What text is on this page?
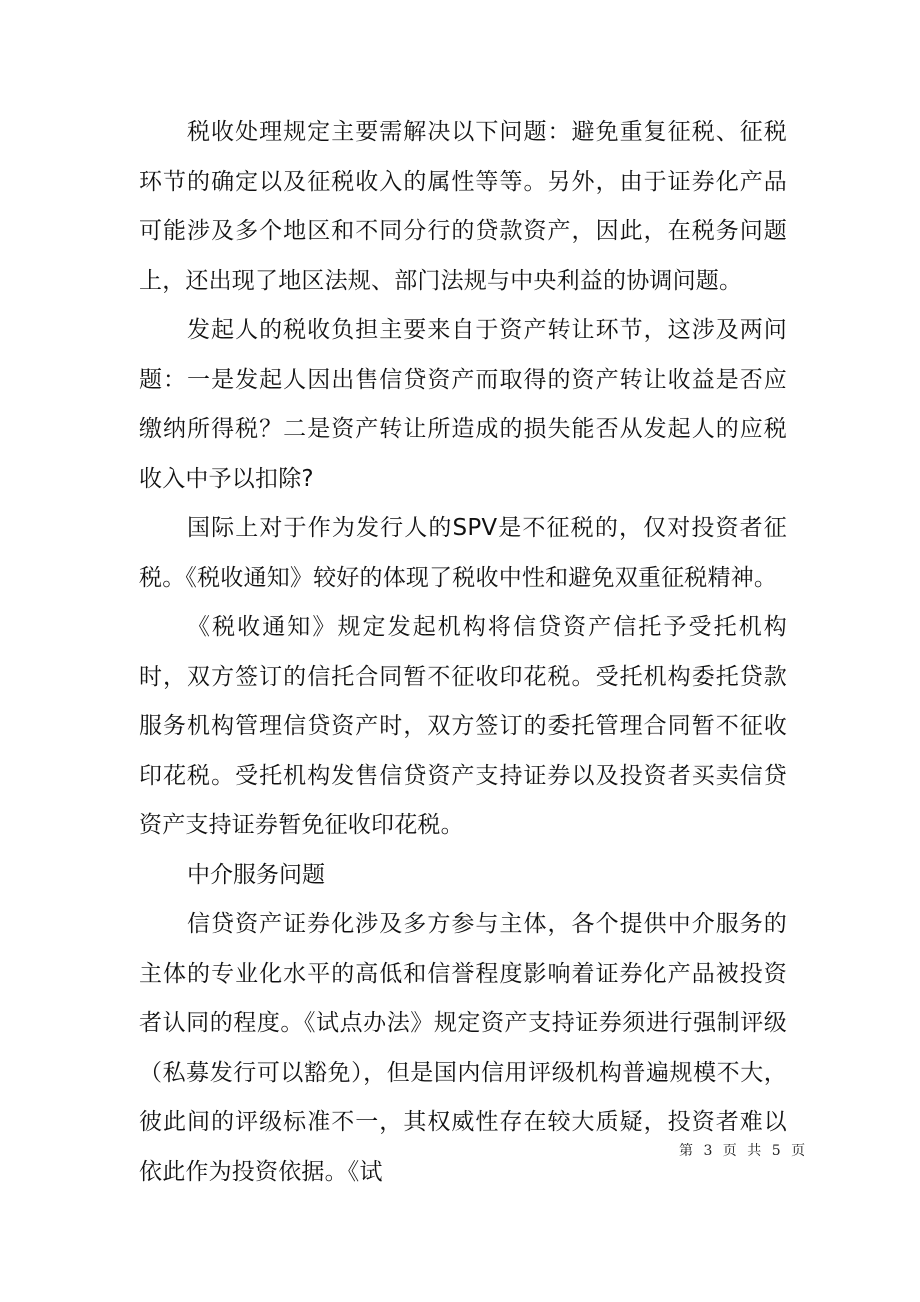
税收处理规定主要需解决以下问题：避免重复征税、征税环节的确定以及征税收入的属性等等。另外，由于证券化产品可能涉及多个地区和不同分行的贷款资产，因此，在税务问题上，还出现了地区法规、部门法规与中央利益的协调问题。

发起人的税收负担主要来自于资产转让环节，这涉及两问题：一是发起人因出售信贷资产而取得的资产转让收益是否应缴纳所得税？二是资产转让所造成的损失能否从发起人的应税收入中予以扣除?

国际上对于作为发行人的SPV是不征税的，仅对投资者征税。《税收通知》较好的体现了税收中性和避免双重征税精神。

《税收通知》规定发起机构将信贷资产信托予受托机构时，双方签订的信托合同暂不征收印花税。受托机构委托贷款服务机构管理信贷资产时，双方签订的委托管理合同暂不征收印花税。受托机构发售信贷资产支持证券以及投资者买卖信贷资产支持证券暂免征收印花税。

中介服务问题

信贷资产证券化涉及多方参与主体，各个提供中介服务的主体的专业化水平的高低和信誉程度影响着证券化产品被投资者认同的程度。《试点办法》规定资产支持证券须进行强制评级（私募发行可以豁免），但是国内信用评级机构普遍规模不大，彼此间的评级标准不一，其权威性存在较大质疑，投资者难以依此作为投资依据。《试

第 3 页 共 5 页
